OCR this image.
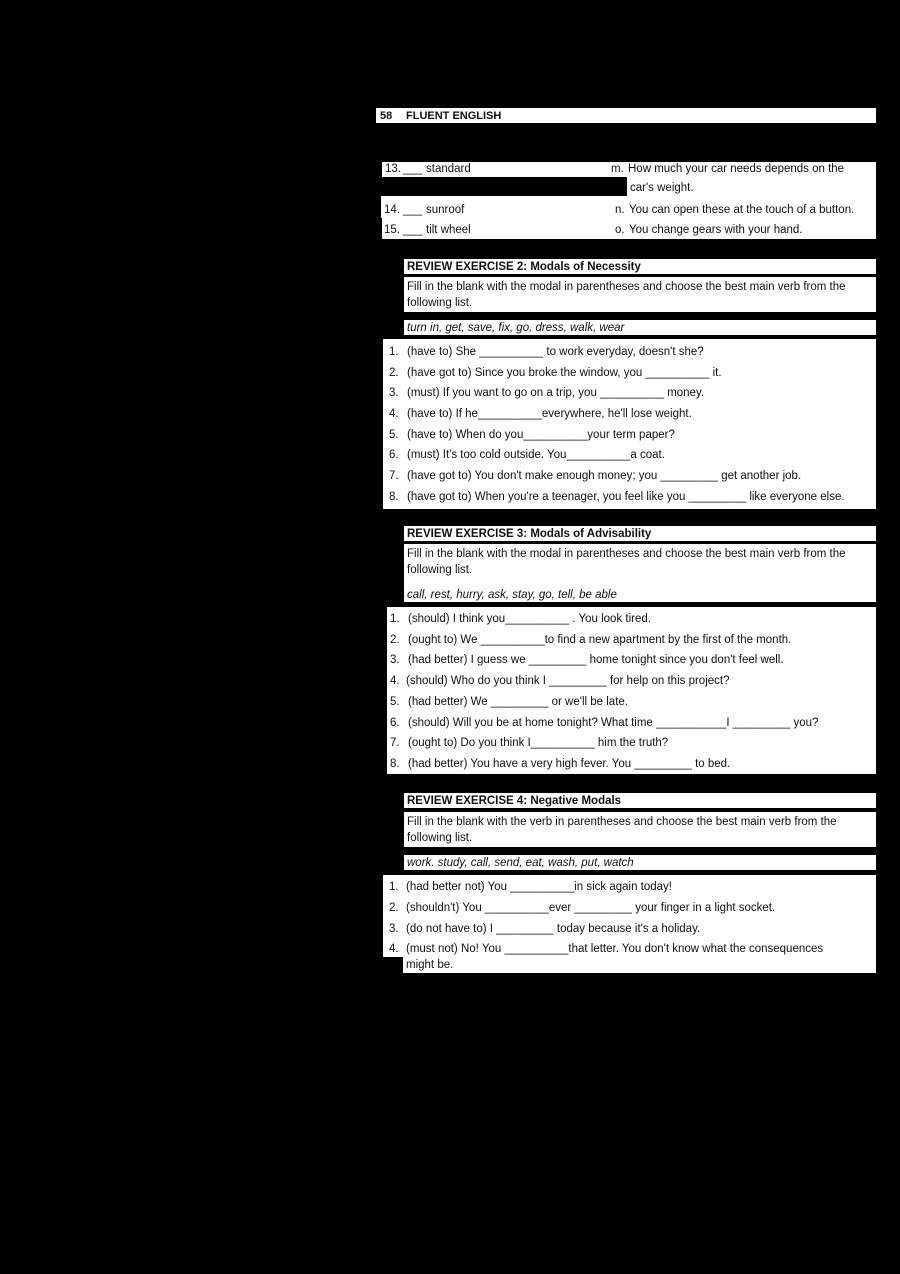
58 FLUENT ENGLISH
13. ___ standard	m. How much your car needs depends on the
car's weight.
14. ___ sunroof	n. You can open these at the touch of a button.
15. ___ tilt wheel	o. You change gears with your hand.
REVIEW EXERCISE 2: Modals of Necessity
Fill in the blank with the modal in parentheses and choose the best main verb from the
following list.
turn in, get, save, fix, go, dress, walk, wear
1. (have to) She __________ to work everyday, doesn't she?
2. (have got to) Since you broke the window, you __________ it.
3. (must) If you want to go on a trip, you __________ money.
4. (have to) If he__________everywhere, he'll lose weight.
5. (have to) When do you__________your term paper?
6. (must) It's too cold outside. You__________a coat.
7. (have got to) You don't make enough money; you _________ get another job.
8. (have got to) When you're a teenager, you feel like you _________ like everyone else.
REVIEW EXERCISE 3: Modals of Advisability
Fill in the blank with the modal in parentheses and choose the best main verb from the
following list.
call, rest, hurry, ask, stay, go, tell, be able
1. (should) I think you__________ . You look tired.
2. (ought to) We __________to find a new apartment by the first of the month.
3. (had better) I guess we _________ home tonight since you don't feel well.
4. (should) Who do you think I _________ for help on this project?
5. (had better) We _________ or we'll be late.
6. (should) Will you be at home tonight? What time ___________I _________ you?
7. (ought to) Do you think I__________ him the truth?
8. (had better) You have a very high fever. You _________ to bed.
REVIEW EXERCISE 4: Negative Modals
Fill in the blank with the verb in parentheses and choose the best main verb from the
following list.
work. study, call, send, eat, wash, put, watch
1. (had better not) You __________in sick again today!
2. (shouldn't) You __________ever _________ your finger in a light socket.
3. (do not have to) I _________ today because it's a holiday.
4. (must not) No! You __________that letter. You don't know what the consequences
might be.
